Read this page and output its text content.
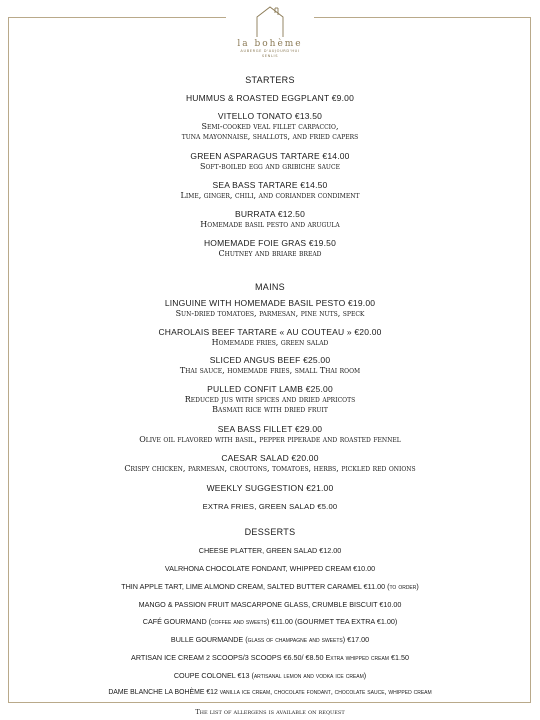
la bohème
AUBERGE D'AUJOURD'HUI
SENLIS
STARTERS
HUMMUS & ROASTED EGGPLANT €9.00
VITELLO TONATO €13.50
Semi-cooked veal fillet carpaccio,
tuna mayonnaise, shallots, and fried capers
GREEN ASPARAGUS TARTARE €14.00
Soft-boiled egg and gribiche sauce
SEA BASS TARTARE €14.50
Lime, ginger, chili, and coriander condiment
BURRATA €12.50
Homemade basil pesto and arugula
HOMEMADE FOIE GRAS €19.50
Chutney and briare bread
MAINS
LINGUINE WITH HOMEMADE BASIL PESTO €19.00
Sun-dried tomatoes, parmesan, pine nuts, speck
CHAROLAIS BEEF TARTARE « AU COUTEAU » €20.00
Homemade fries, green salad
SLICED ANGUS BEEF €25.00
Thai sauce, homemade fries, small Thai room
PULLED CONFIT LAMB €25.00
Reduced jus with spices and dried apricots
Basmati rice with dried fruit
SEA BASS FILLET €29.00
Olive oil flavored with basil, pepper piperade and roasted fennel
CAESAR SALAD €20.00
Crispy chicken, parmesan, croutons, tomatoes, herbs, pickled red onions
WEEKLY SUGGESTION €21.00
EXTRA FRIES, GREEN SALAD €5.00
DESSERTS
CHEESE PLATTER, GREEN SALAD €12.00
VALRHONA CHOCOLATE FONDANT, WHIPPED CREAM €10.00
THIN APPLE TART, LIME ALMOND CREAM, SALTED BUTTER CARAMEL €11.00 (to order)
MANGO & PASSION FRUIT MASCARPONE GLASS, CRUMBLE BISCUIT €10.00
CAFÉ GOURMAND (coffee and sweets) €11.00 (GOURMET TEA EXTRA €1.00)
BULLE GOURMANDE (glass of champagne and sweets) €17.00
ARTISAN ICE CREAM 2 SCOOPS/3 SCOOPS €6.50/ €8.50 Extra whipped cream €1.50
COUPE COLONEL €13 (artisanal lemon and vodka ice cream)
DAME BLANCHE LA BOHÈME €12 vanilla ice cream, chocolate fondant, chocolate sauce, whipped cream
The list of allergens is available on request
